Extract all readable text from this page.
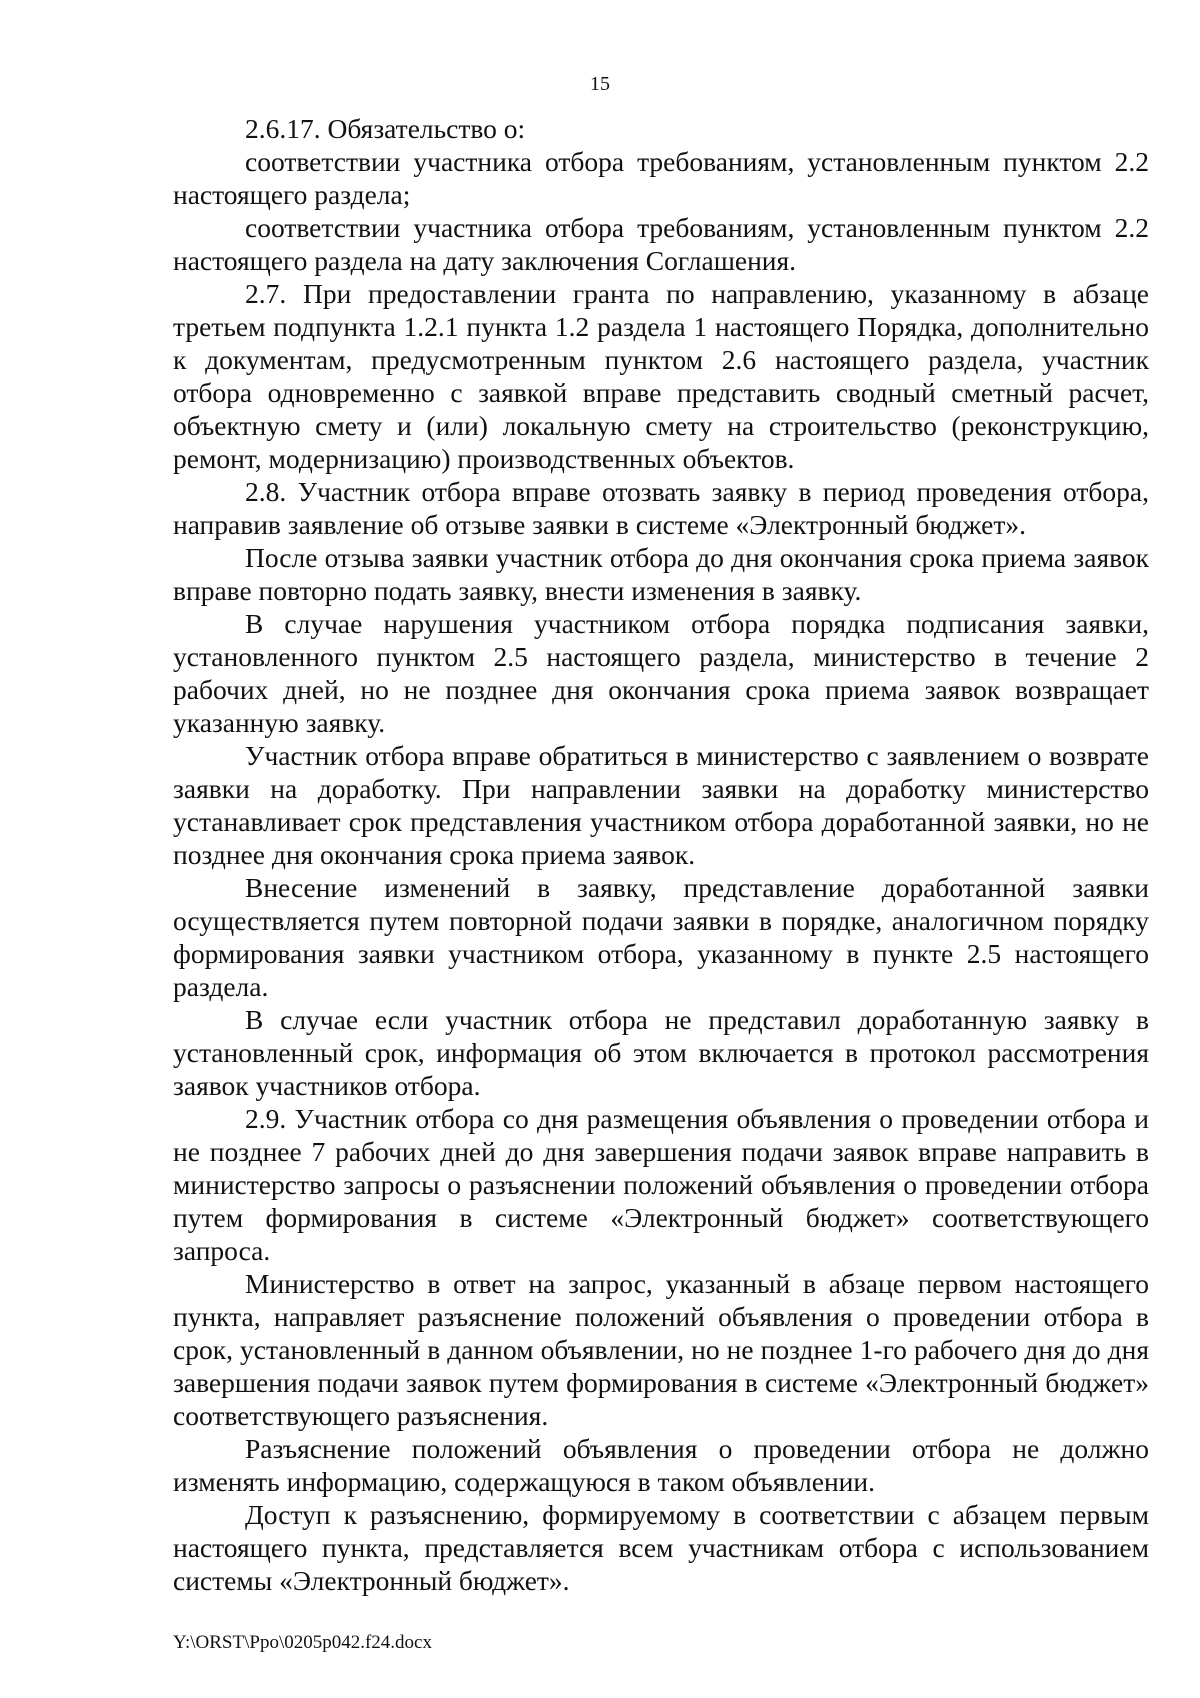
15

2.6.17. Обязательство о:

соответствии участника отбора требованиям, установленным пунктом 2.2 настоящего раздела;

соответствии участника отбора требованиям, установленным пунктом 2.2 настоящего раздела на дату заключения Соглашения.

2.7. При предоставлении гранта по направлению, указанному в абзаце третьем подпункта 1.2.1 пункта 1.2 раздела 1 настоящего Порядка, дополнительно к документам, предусмотренным пунктом 2.6 настоящего раздела, участник отбора одновременно с заявкой вправе представить сводный сметный расчет, объектную смету и (или) локальную смету на строительство (реконструкцию, ремонт, модернизацию) производственных объектов.

2.8. Участник отбора вправе отозвать заявку в период проведения отбора, направив заявление об отзыве заявки в системе «Электронный бюджет».

После отзыва заявки участник отбора до дня окончания срока приема заявок вправе повторно подать заявку, внести изменения в заявку.

В случае нарушения участником отбора порядка подписания заявки, установленного пунктом 2.5 настоящего раздела, министерство в течение 2 рабочих дней, но не позднее дня окончания срока приема заявок возвращает указанную заявку.

Участник отбора вправе обратиться в министерство с заявлением о возврате заявки на доработку. При направлении заявки на доработку министерство устанавливает срок представления участником отбора доработанной заявки, но не позднее дня окончания срока приема заявок.

Внесение изменений в заявку, представление доработанной заявки осуществляется путем повторной подачи заявки в порядке, аналогичном порядку формирования заявки участником отбора, указанному в пункте 2.5 настоящего раздела.

В случае если участник отбора не представил доработанную заявку в установленный срок, информация об этом включается в протокол рассмотрения заявок участников отбора.

2.9. Участник отбора со дня размещения объявления о проведении отбора и не позднее 7 рабочих дней до дня завершения подачи заявок вправе направить в министерство запросы о разъяснении положений объявления о проведении отбора путем формирования в системе «Электронный бюджет» соответствующего запроса.

Министерство в ответ на запрос, указанный в абзаце первом настоящего пункта, направляет разъяснение положений объявления о проведении отбора в срок, установленный в данном объявлении, но не позднее 1-го рабочего дня до дня завершения подачи заявок путем формирования в системе «Электронный бюджет» соответствующего разъяснения.

Разъяснение положений объявления о проведении отбора не должно изменять информацию, содержащуюся в таком объявлении.

Доступ к разъяснению, формируемому в соответствии с абзацем первым настоящего пункта, представляется всем участникам отбора с использованием системы «Электронный бюджет».

Y:\ORST\Ppo\0205p042.f24.docx
